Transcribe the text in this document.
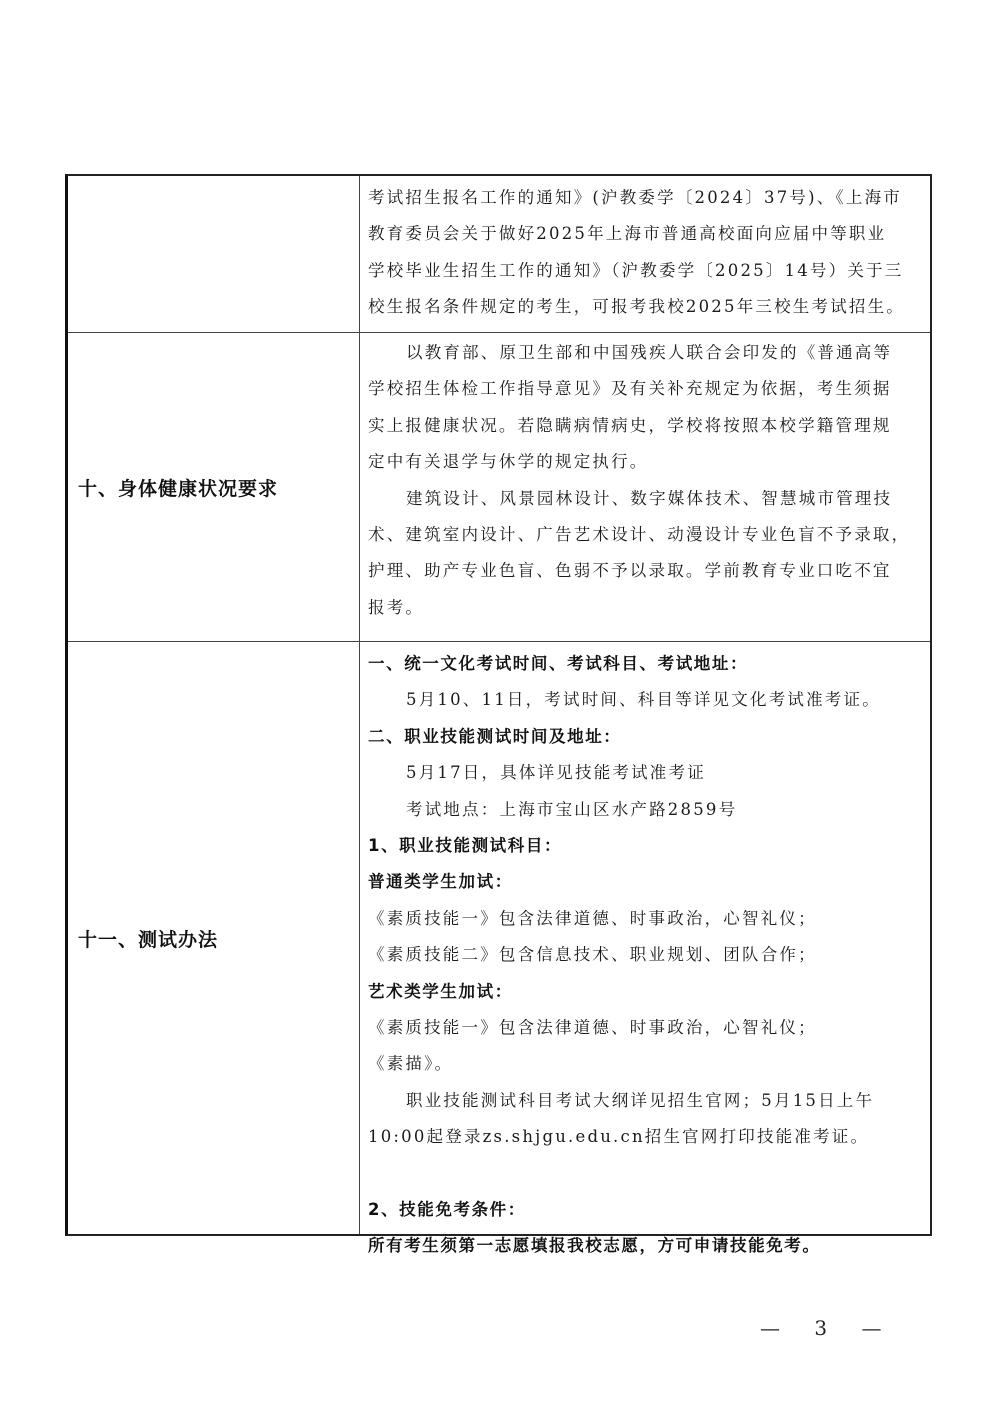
考试招生报名工作的通知》(沪教委学〔2024〕37号)、《上海市
教育委员会关于做好2025年上海市普通高校面向应届中等职业
学校毕业生招生工作的通知》（沪教委学〔2025〕14号）关于三
校生报名条件规定的考生，可报考我校2025年三校生考试招生。
十、身体健康状况要求
以教育部、原卫生部和中国残疾人联合会印发的《普通高等
学校招生体检工作指导意见》及有关补充规定为依据，考生须据
实上报健康状况。若隐瞒病情病史，学校将按照本校学籍管理规
定中有关退学与休学的规定执行。
建筑设计、风景园林设计、数字媒体技术、智慧城市管理技
术、建筑室内设计、广告艺术设计、动漫设计专业色盲不予录取，
护理、助产专业色盲、色弱不予以录取。学前教育专业口吃不宜
报考。
十一、测试办法
一、统一文化考试时间、考试科目、考试地址：
5月10、11日，考试时间、科目等详见文化考试准考证。
二、职业技能测试时间及地址：
5月17日，具体详见技能考试准考证
考试地点：上海市宝山区水产路2859号
1、职业技能测试科目：
普通类学生加试：
《素质技能一》包含法律道德、时事政治，心智礼仪；
《素质技能二》包含信息技术、职业规划、团队合作；
艺术类学生加试：
《素质技能一》包含法律道德、时事政治，心智礼仪；
《素描》。
职业技能测试科目考试大纲详见招生官网；5月15日上午
10:00起登录zs.shjgu.edu.cn招生官网打印技能准考证。
2、技能免考条件：
所有考生须第一志愿填报我校志愿，方可申请技能免考。
— 3 —
